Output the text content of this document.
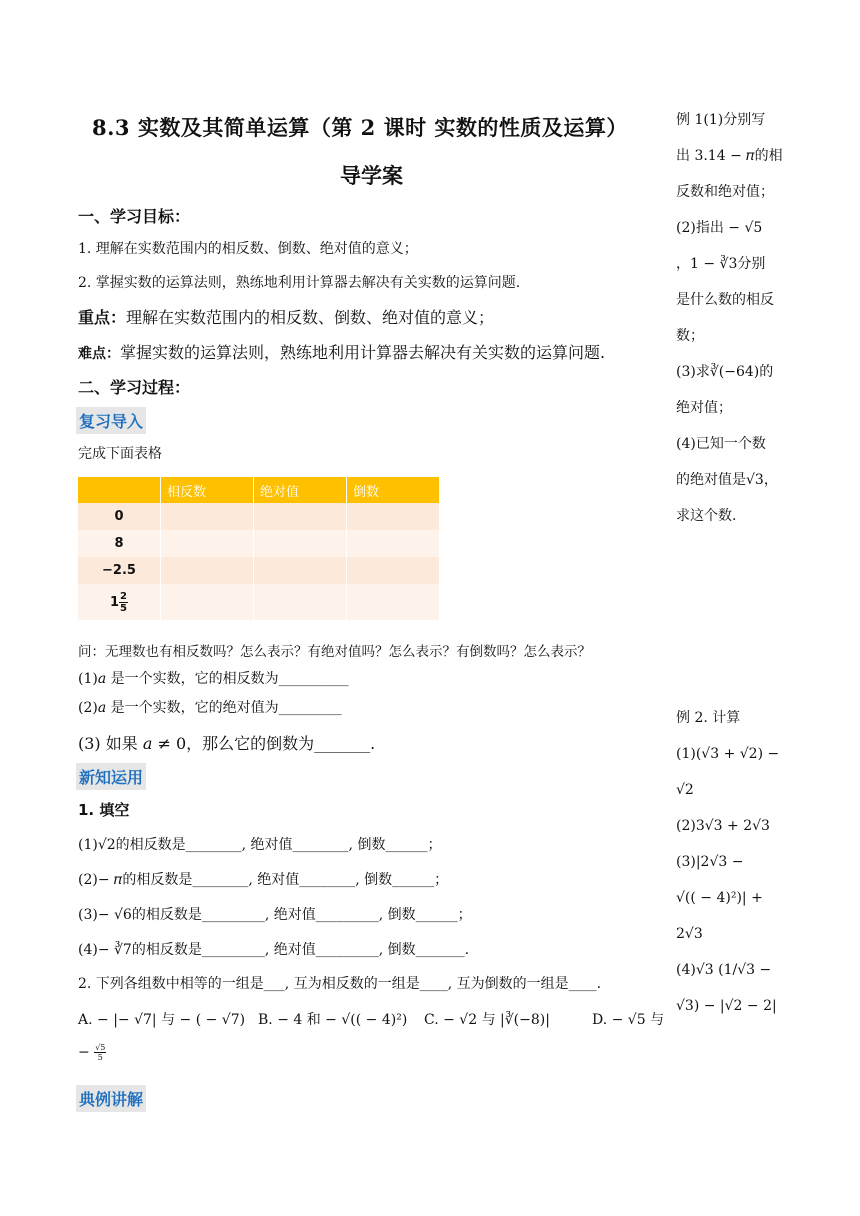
8.3 实数及其简单运算（第 2 课时 实数的性质及运算）
导学案
一、学习目标：
1. 理解在实数范围内的相反数、倒数、绝对值的意义；
2. 掌握实数的运算法则，熟练地利用计算器去解决有关实数的运算问题.
重点：理解在实数范围内的相反数、倒数、绝对值的意义；
难点：掌握实数的运算法则，熟练地利用计算器去解决有关实数的运算问题.
二、学习过程：
复习导入
完成下面表格
	相反数	绝对值	倒数
0			
8			
−2.5			
$1 \frac{2}{5}$

问：无理数也有相反数吗？怎么表示？有绝对值吗？怎么表示？有倒数吗？怎么表示？
(1)𝑎 是一个实数，它的相反数为__________
(2)𝑎 是一个实数，它的绝对值为_________
(3) 如果 𝑎 ≠ 0，那么它的倒数为_______.
新知运用
1. 填空
(1)√2的相反数是________, 绝对值________, 倒数______；
(2)− 𝜋的相反数是________, 绝对值________, 倒数______；
(3)− √6的相反数是_________, 绝对值_________, 倒数______；
(4)− ∛7的相反数是_________, 绝对值_________, 倒数_______.
2. 下列各组数中相等的一组是___, 互为相反数的一组是____, 互为倒数的一组是____.
A. − |− √7| 与 − ( − √7) B. − 4 和 − √(( − 4)²) C. − √2 与 |∛(−8)|	D. − √5 与
− $\frac{√5}{5}$
典例讲解
例 1(1)分别写
出 3.14 − 𝜋的相
反数和绝对值；
(2)指出 − √5
，1 − ∛3分别
是什么数的相反
数；
(3)求∛(−64)的
绝对值；
(4)已知一个数
的绝对值是√3，
求这个数.
例 2. 计算
(1)(√3 + √2) −
√2
(2)3√3 + 2√3
(3)|2√3 −
√(( − 4)²)| +
2√3
(4)√3 (1/√3 −
√3) − |√2 − 2|
